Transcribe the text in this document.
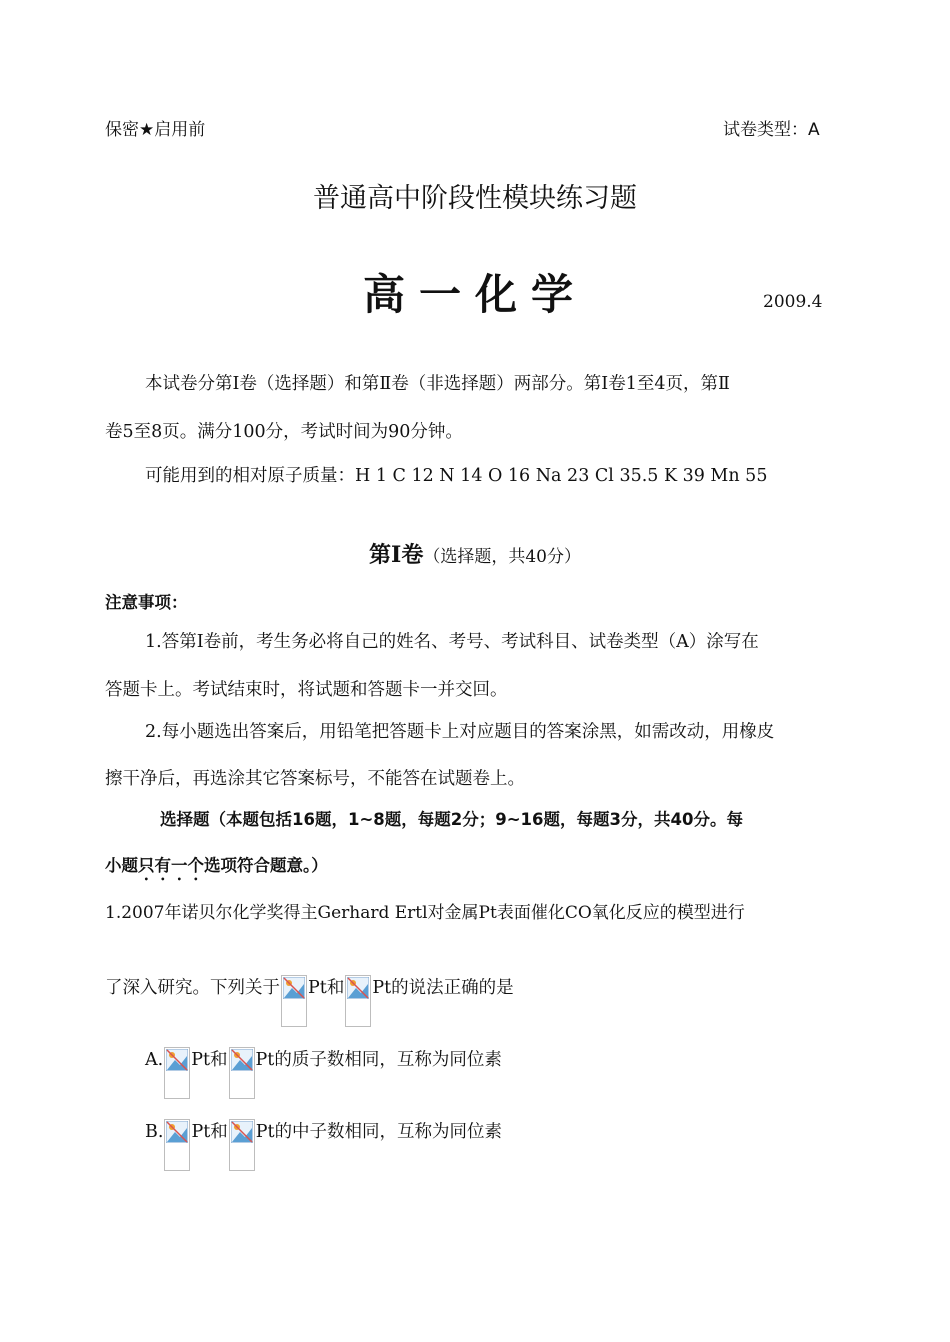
保密★启用前	试卷类型：A
普通高中阶段性模块练习题
高一化学	2009.4
本试卷分第Ⅰ卷（选择题）和第Ⅱ卷（非选择题）两部分。第Ⅰ卷1至4页，第Ⅱ
卷5至8页。满分100分，考试时间为90分钟。
可能用到的相对原子质量：H 1 C 12 N 14 O 16 Na 23 Cl 35.5 K 39 Mn 55
第Ⅰ卷（选择题，共40分）
注意事项：
1.答第Ⅰ卷前，考生务必将自己的姓名、考号、考试科目、试卷类型（A）涂写在
答题卡上。考试结束时，将试题和答题卡一并交回。
2.每小题选出答案后，用铅笔把答题卡上对应题目的答案涂黑，如需改动，用橡皮
擦干净后，再选涂其它答案标号，不能答在试题卷上。
选择题（本题包括16题，1~8题，每题2分；9~16题，每题3分，共40分。每
小题只有一个选项符合题意。）
1.2007年诺贝尔化学奖得主Gerhard Ertl对金属Pt表面催化CO氧化反应的模型进行
了深入研究。下列关于 Pt和 Pt的说法正确的是
A. Pt和 Pt的质子数相同，互称为同位素
B. Pt和 Pt的中子数相同，互称为同位素
